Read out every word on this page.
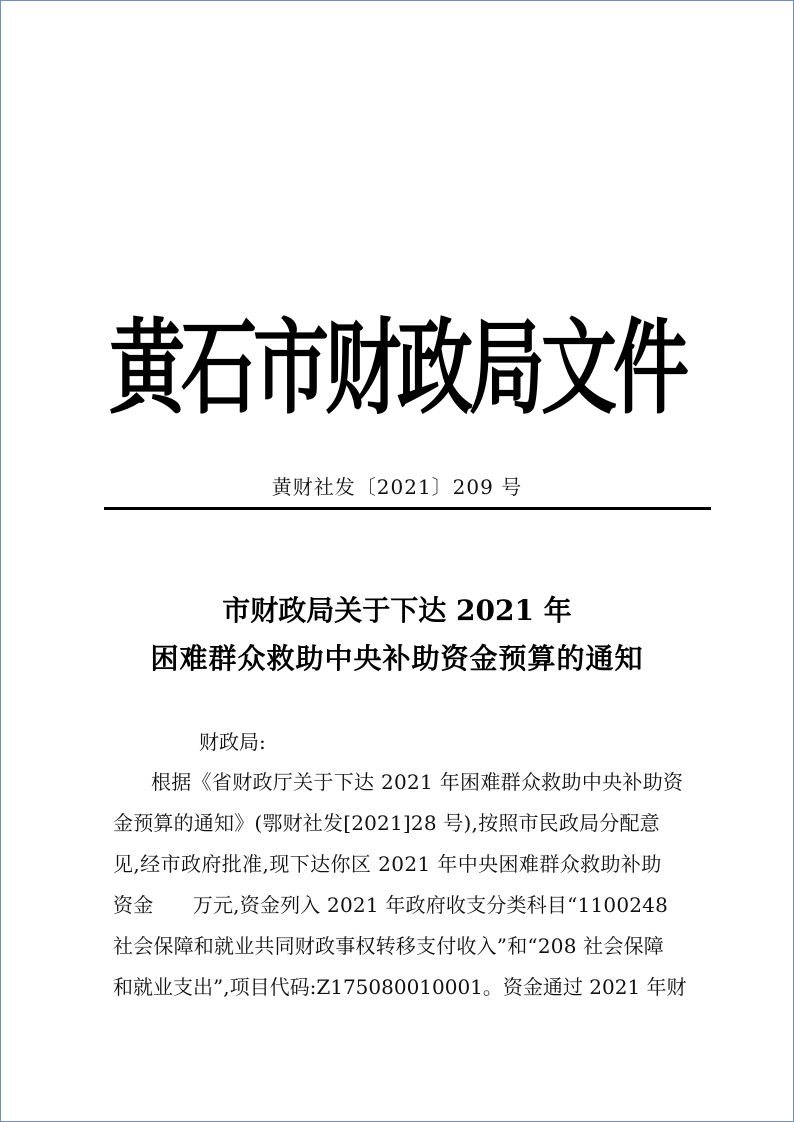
黄石市财政局文件
黄财社发〔2021〕209 号
市财政局关于下达 2021 年
困难群众救助中央补助资金预算的通知
财政局:
根据《省财政厅关于下达 2021 年困难群众救助中央补助资
金预算的通知》(鄂财社发[2021]28 号),按照市民政局分配意
见,经市政府批准,现下达你区 2021 年中央困难群众救助补助
资金      万元,资金列入 2021 年政府收支分类科目“1100248
社会保障和就业共同财政事权转移支付收入”和“208 社会保障
和就业支出”,项目代码:Z175080010001。资金通过 2021 年财
